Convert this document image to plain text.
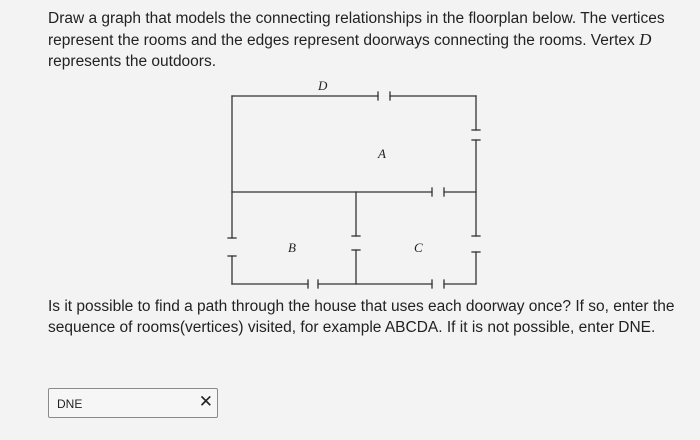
Draw a graph that models the connecting relationships in the floorplan below. The vertices represent the rooms and the edges represent doorways connecting the rooms. Vertex D represents the outdoors.

D
A
B	C
Is it possible to find a path through the house that uses each doorway once? If so, enter the sequence of rooms(vertices) visited, for example ABCDA. If it is not possible, enter DNE.
DNE	✕
